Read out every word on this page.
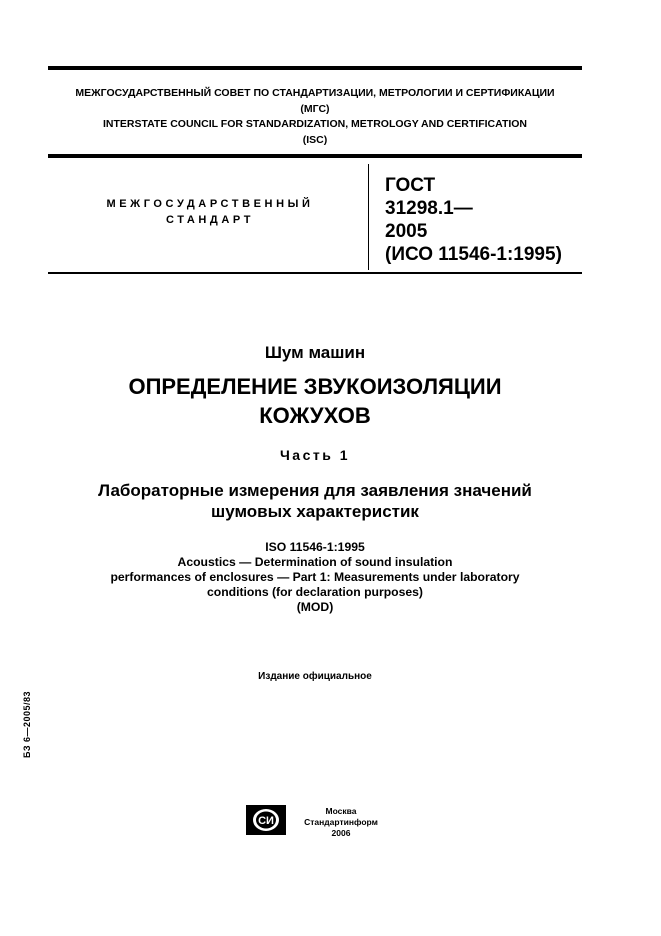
МЕЖГОСУДАРСТВЕННЫЙ СОВЕТ ПО СТАНДАРТИЗАЦИИ, МЕТРОЛОГИИ И СЕРТИФИКАЦИИ
(МГС)
INTERSTATE COUNCIL FOR STANDARDIZATION, METROLOGY AND CERTIFICATION
(ISC)
МЕЖГОСУДАРСТВЕННЫЙ
СТАНДАРТ
ГОСТ
31298.1 —
2005
(ИСО 11546-1:1995)
Шум машин
ОПРЕДЕЛЕНИЕ ЗВУКОИЗОЛЯЦИИ
КОЖУХОВ
Часть 1
Лабораторные измерения для заявления значений
шумовых характеристик
ISO 11546-1:1995
Acoustics — Determination of sound insulation
performances of enclosures — Part 1: Measurements under laboratory
conditions (for declaration purposes)
(MOD)
Издание официальное
БЗ 6—2005/83
СИ
Москва
Стандартинформ
2006
